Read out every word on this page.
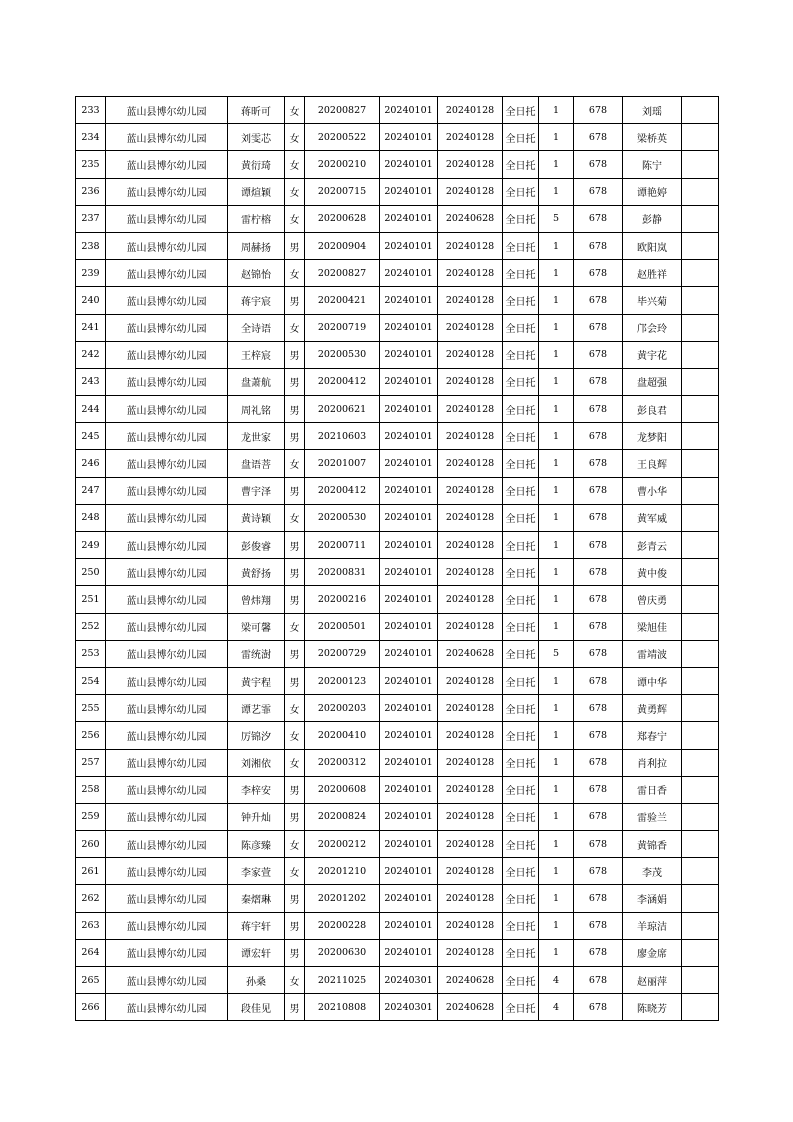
233	蓝山县博尔幼儿园	蒋昕可	女	20200827	20240101	20240128	全日托	1	678	刘瑶	
234	蓝山县博尔幼儿园	刘雯芯	女	20200522	20240101	20240128	全日托	1	678	梁桥英	
235	蓝山县博尔幼儿园	黄衍琦	女	20200210	20240101	20240128	全日托	1	678	陈宁	
236	蓝山县博尔幼儿园	谭煊颖	女	20200715	20240101	20240128	全日托	1	678	谭艳婷	
237	蓝山县博尔幼儿园	雷柠榕	女	20200628	20240101	20240628	全日托	5	678	彭静	
238	蓝山县博尔幼儿园	周赫扬	男	20200904	20240101	20240128	全日托	1	678	欧阳岚	
239	蓝山县博尔幼儿园	赵锦怡	女	20200827	20240101	20240128	全日托	1	678	赵胜祥	
240	蓝山县博尔幼儿园	蒋宇宸	男	20200421	20240101	20240128	全日托	1	678	毕兴菊	
241	蓝山县博尔幼儿园	全诗语	女	20200719	20240101	20240128	全日托	1	678	邝会玲	
242	蓝山县博尔幼儿园	王梓宸	男	20200530	20240101	20240128	全日托	1	678	黄宇花	
243	蓝山县博尔幼儿园	盘萧航	男	20200412	20240101	20240128	全日托	1	678	盘超强	
244	蓝山县博尔幼儿园	周礼铭	男	20200621	20240101	20240128	全日托	1	678	彭良君	
245	蓝山县博尔幼儿园	龙世家	男	20210603	20240101	20240128	全日托	1	678	龙梦阳	
246	蓝山县博尔幼儿园	盘语菩	女	20201007	20240101	20240128	全日托	1	678	王良辉	
247	蓝山县博尔幼儿园	曹宇泽	男	20200412	20240101	20240128	全日托	1	678	曹小华	
248	蓝山县博尔幼儿园	黄诗颖	女	20200530	20240101	20240128	全日托	1	678	黄军威	
249	蓝山县博尔幼儿园	彭俊睿	男	20200711	20240101	20240128	全日托	1	678	彭青云	
250	蓝山县博尔幼儿园	黄舒扬	男	20200831	20240101	20240128	全日托	1	678	黄中俊	
251	蓝山县博尔幼儿园	曾炜翔	男	20200216	20240101	20240128	全日托	1	678	曾庆勇	
252	蓝山县博尔幼儿园	梁可馨	女	20200501	20240101	20240128	全日托	1	678	梁旭佳	
253	蓝山县博尔幼儿园	雷统澍	男	20200729	20240101	20240628	全日托	5	678	雷靖波	
254	蓝山县博尔幼儿园	黄宇程	男	20200123	20240101	20240128	全日托	1	678	谭中华	
255	蓝山县博尔幼儿园	谭艺霏	女	20200203	20240101	20240128	全日托	1	678	黄勇辉	
256	蓝山县博尔幼儿园	厉锦汐	女	20200410	20240101	20240128	全日托	1	678	郑春宁	
257	蓝山县博尔幼儿园	刘湘依	女	20200312	20240101	20240128	全日托	1	678	肖利拉	
258	蓝山县博尔幼儿园	李梓安	男	20200608	20240101	20240128	全日托	1	678	雷日香	
259	蓝山县博尔幼儿园	钟升灿	男	20200824	20240101	20240128	全日托	1	678	雷验兰	
260	蓝山县博尔幼儿园	陈彦臻	女	20200212	20240101	20240128	全日托	1	678	黄锦香	
261	蓝山县博尔幼儿园	李家萱	女	20201210	20240101	20240128	全日托	1	678	李茂	
262	蓝山县博尔幼儿园	秦熠琳	男	20201202	20240101	20240128	全日托	1	678	李涵娟	
263	蓝山县博尔幼儿园	蒋宇轩	男	20200228	20240101	20240128	全日托	1	678	羊琼洁	
264	蓝山县博尔幼儿园	谭宏轩	男	20200630	20240101	20240128	全日托	1	678	廖金席	
265	蓝山县博尔幼儿园	孙桑	女	20211025	20240301	20240628	全日托	4	678	赵丽萍	
266	蓝山县博尔幼儿园	段佳见	男	20210808	20240301	20240628	全日托	4	678	陈晓芳	
